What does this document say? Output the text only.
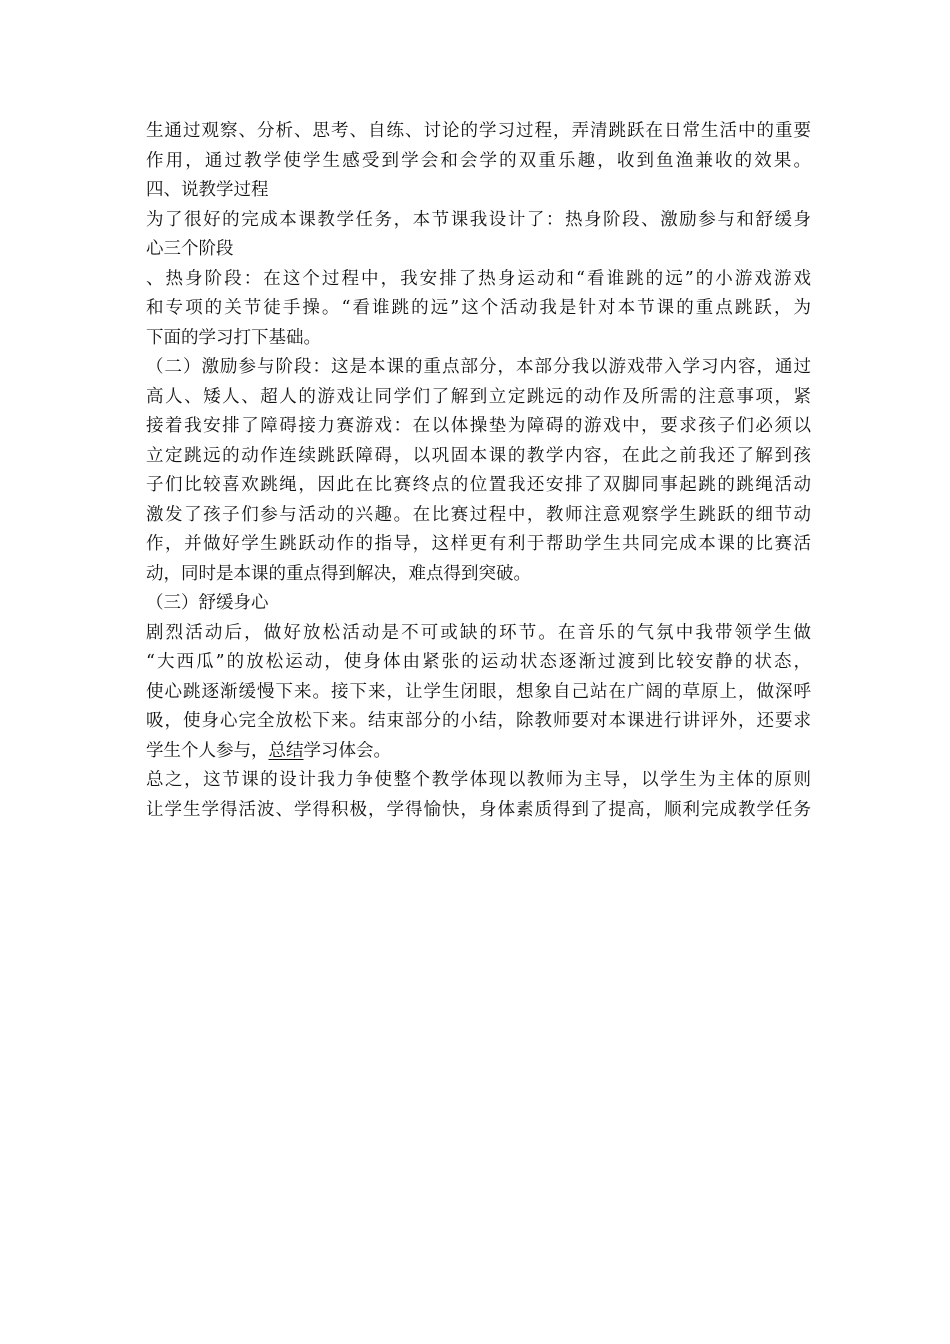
生通过观察、分析、思考、自练、讨论的学习过程，弄清跳跃在日常生活中的重要
作用，通过教学使学生感受到学会和会学的双重乐趣，收到鱼渔兼收的效果。
四、说教学过程
为了很好的完成本课教学任务，本节课我设计了：热身阶段、激励参与和舒缓身
心三个阶段
、热身阶段：在这个过程中，我安排了热身运动和“看谁跳的远”的小游戏游戏
和专项的关节徒手操。“看谁跳的远”这个活动我是针对本节课的重点跳跃，为
下面的学习打下基础。
（二）激励参与阶段：这是本课的重点部分，本部分我以游戏带入学习内容，通过
高人、矮人、超人的游戏让同学们了解到立定跳远的动作及所需的注意事项，紧
接着我安排了障碍接力赛游戏：在以体操垫为障碍的游戏中，要求孩子们必须以
立定跳远的动作连续跳跃障碍，以巩固本课的教学内容，在此之前我还了解到孩
子们比较喜欢跳绳，因此在比赛终点的位置我还安排了双脚同事起跳的跳绳活动
激发了孩子们参与活动的兴趣。在比赛过程中，教师注意观察学生跳跃的细节动
作，并做好学生跳跃动作的指导，这样更有利于帮助学生共同完成本课的比赛活
动，同时是本课的重点得到解决，难点得到突破。
（三）舒缓身心
剧烈活动后，做好放松活动是不可或缺的环节。在音乐的气氛中我带领学生做
“大西瓜”的放松运动，使身体由紧张的运动状态逐渐过渡到比较安静的状态，
使心跳逐渐缓慢下来。接下来，让学生闭眼，想象自己站在广阔的草原上，做深呼
吸，使身心完全放松下来。结束部分的小结，除教师要对本课进行讲评外，还要求
学生个人参与，总结学习体会。
总之，这节课的设计我力争使整个教学体现以教师为主导，以学生为主体的原则
让学生学得活波、学得积极，学得愉快，身体素质得到了提高，顺利完成教学任务
